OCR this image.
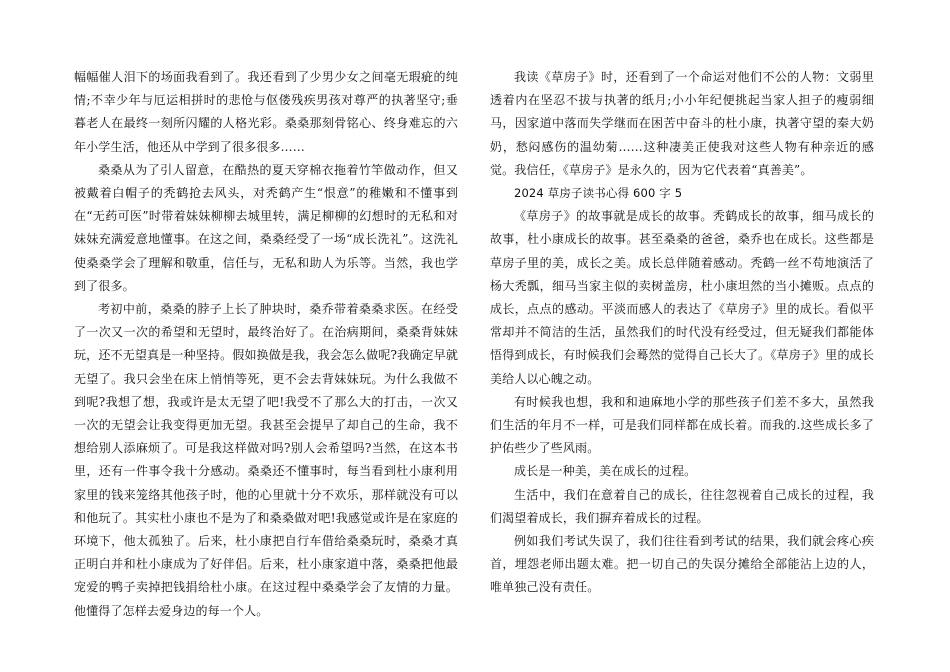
幅幅催人泪下的场面我看到了。我还看到了少男少女之间毫无瑕疵的纯情;不幸少年与厄运相拼时的悲怆与伛偻残疾男孩对尊严的执著坚守;垂暮老人在最终一刻所闪耀的人格光彩。桑桑那刻骨铭心、终身难忘的六年小学生活，他还从中学到了很多很多……

桑桑从为了引人留意，在酷热的夏天穿棉衣拖着竹竿做动作，但又被戴着白帽子的秃鹤抢去风头，对秃鹤产生“恨意”的稚嫩和不懂事到在“无药可医”时带着妹妹柳柳去城里转，满足柳柳的幻想时的无私和对妹妹充满爱意地懂事。在这之间，桑桑经受了一场“成长洗礼”。这洗礼使桑桑学会了理解和敬重，信任与，无私和助人为乐等。当然，我也学到了很多。

考初中前，桑桑的脖子上长了肿块时，桑乔带着桑桑求医。在经受了一次又一次的希望和无望时，最终治好了。在治病期间，桑桑背妹妹玩，还不无望真是一种坚持。假如换做是我，我会怎么做呢?我确定早就无望了。我只会坐在床上悄悄等死，更不会去背妹妹玩。为什么我做不到呢?我想了想，我或许是太无望了吧!我受不了那么大的打击，一次又一次的无望会让我变得更加无望。我甚至会提早了却自己的生命，我不想给别人添麻烦了。可是我这样做对吗?别人会希望吗?当然，在这本书里，还有一件事令我十分感动。桑桑还不懂事时，每当看到杜小康利用家里的钱来笼络其他孩子时，他的心里就十分不欢乐，那样就没有可以和他玩了。其实杜小康也不是为了和桑桑做对吧!我感觉或许是在家庭的环境下，他太孤独了。后来，杜小康把自行车借给桑桑玩时，桑桑才真正明白并和杜小康成为了好伴侣。后来，杜小康家道中落，桑桑把他最宠爱的鸭子卖掉把钱捐给杜小康。在这过程中桑桑学会了友情的力量。他懂得了怎样去爱身边的每一个人。

我读《草房子》时，还看到了一个命运对他们不公的人物：文弱里透着内在坚忍不拔与执著的纸月;小小年纪便挑起当家人担子的瘦弱细马，因家道中落而失学继而在困苦中奋斗的杜小康，执著守望的秦大奶奶，愁闷感伤的温幼菊……这种凄美正使我对这些人物有种亲近的感觉。我信任，《草房子》是永久的，因为它代表着“真善美”。

2024 草房子读书心得 600 字 5

《草房子》的故事就是成长的故事。秃鹤成长的故事，细马成长的故事，杜小康成长的故事。甚至桑桑的爸爸，桑乔也在成长。这些都是草房子里的美，成长之美。成长总伴随着感动。秃鹤一丝不苟地演活了杨大秃瓢，细马当家主似的卖树盖房，杜小康坦然的当小摊贩。点点的成长，点点的感动。平淡而感人的表达了《草房子》里的成长。看似平常却并不简洁的生活，虽然我们的时代没有经受过，但无疑我们都能体悟得到成长，有时候我们会蓦然的觉得自己长大了。《草房子》里的成长美给人以心魄之动。

有时候我也想，我和和迪麻地小学的那些孩子们差不多大，虽然我们生活的年月不一样，可是我们同样都在成长着。而我的.这些成长多了护佑些少了些风雨。

成长是一种美，美在成长的过程。

生活中，我们在意着自己的成长，往往忽视着自己成长的过程，我们渴望着成长，我们摒弃着成长的过程。

例如我们考试失误了，我们往往看到考试的结果，我们就会疼心疾首，埋怨老师出题太难。把一切自己的失误分摊给全部能沾上边的人，唯单独己没有责任。
